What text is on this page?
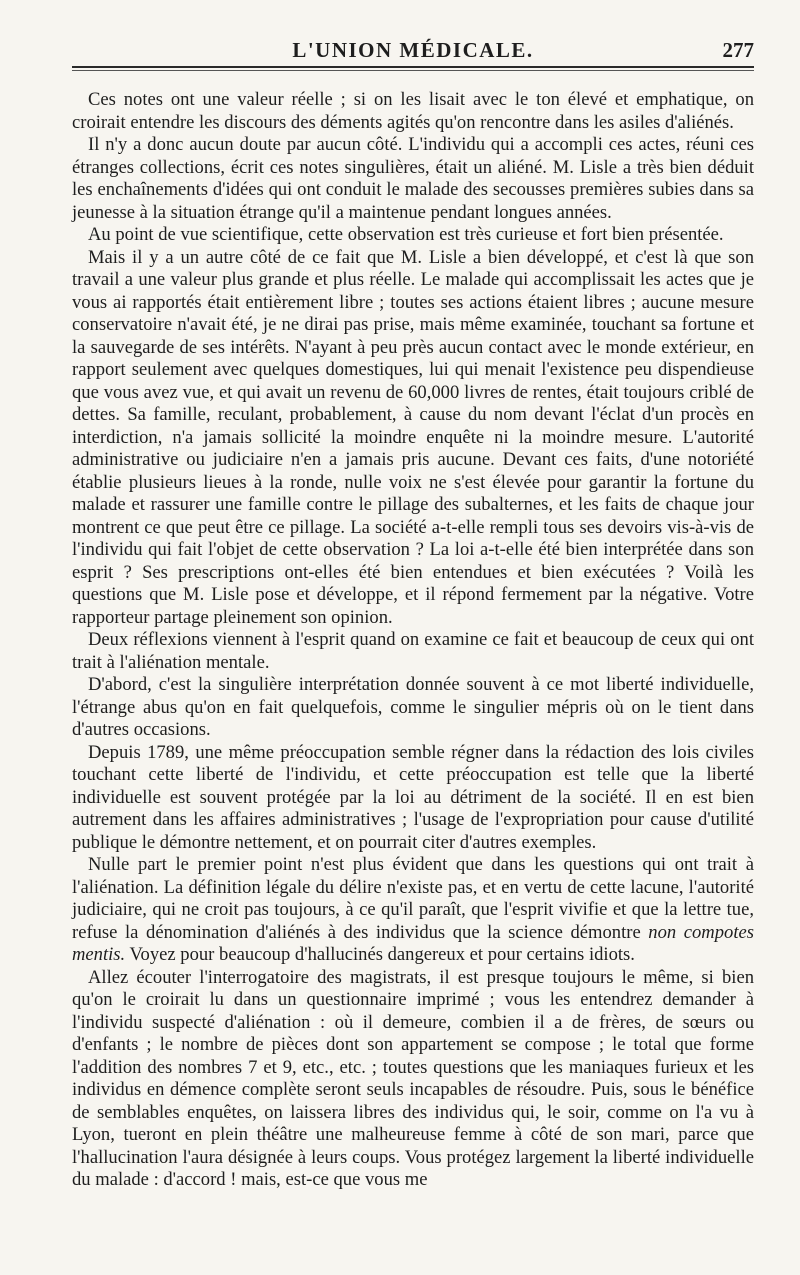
L'UNION MÉDICALE.	277

Ces notes ont une valeur réelle ; si on les lisait avec le ton élevé et emphatique, on croirait entendre les discours des déments agités qu'on rencontre dans les asiles d'aliénés.

Il n'y a donc aucun doute par aucun côté. L'individu qui a accompli ces actes, réuni ces étranges collections, écrit ces notes singulières, était un aliéné. M. Lisle a très bien déduit les enchaînements d'idées qui ont conduit le malade des secousses premières subies dans sa jeunesse à la situation étrange qu'il a maintenue pendant longues années.

Au point de vue scientifique, cette observation est très curieuse et fort bien présentée.

Mais il y a un autre côté de ce fait que M. Lisle a bien développé, et c'est là que son travail a une valeur plus grande et plus réelle. Le malade qui accomplissait les actes que je vous ai rapportés était entièrement libre ; toutes ses actions étaient libres ; aucune mesure conservatoire n'avait été, je ne dirai pas prise, mais même examinée, touchant sa fortune et la sauvegarde de ses intérêts. N'ayant à peu près aucun contact avec le monde extérieur, en rapport seulement avec quelques domestiques, lui qui menait l'existence peu dispendieuse que vous avez vue, et qui avait un revenu de 60,000 livres de rentes, était toujours criblé de dettes. Sa famille, reculant, probablement, à cause du nom devant l'éclat d'un procès en interdiction, n'a jamais sollicité la moindre enquête ni la moindre mesure. L'autorité administrative ou judiciaire n'en a jamais pris aucune. Devant ces faits, d'une notoriété établie plusieurs lieues à la ronde, nulle voix ne s'est élevée pour garantir la fortune du malade et rassurer une famille contre le pillage des subalternes, et les faits de chaque jour montrent ce que peut être ce pillage. La société a-t-elle rempli tous ses devoirs vis-à-vis de l'individu qui fait l'objet de cette observation ? La loi a-t-elle été bien interprétée dans son esprit ? Ses prescriptions ont-elles été bien entendues et bien exécutées ? Voilà les questions que M. Lisle pose et développe, et il répond fermement par la négative. Votre rapporteur partage pleinement son opinion.

Deux réflexions viennent à l'esprit quand on examine ce fait et beaucoup de ceux qui ont trait à l'aliénation mentale.

D'abord, c'est la singulière interprétation donnée souvent à ce mot liberté individuelle, l'étrange abus qu'on en fait quelquefois, comme le singulier mépris où on le tient dans d'autres occasions.

Depuis 1789, une même préoccupation semble régner dans la rédaction des lois civiles touchant cette liberté de l'individu, et cette préoccupation est telle que la liberté individuelle est souvent protégée par la loi au détriment de la société. Il en est bien autrement dans les affaires administratives ; l'usage de l'expropriation pour cause d'utilité publique le démontre nettement, et on pourrait citer d'autres exemples.

Nulle part le premier point n'est plus évident que dans les questions qui ont trait à l'aliénation. La définition légale du délire n'existe pas, et en vertu de cette lacune, l'autorité judiciaire, qui ne croit pas toujours, à ce qu'il paraît, que l'esprit vivifie et que la lettre tue, refuse la dénomination d'aliénés à des individus que la science démontre non compotes mentis. Voyez pour beaucoup d'hallucinés dangereux et pour certains idiots.

Allez écouter l'interrogatoire des magistrats, il est presque toujours le même, si bien qu'on le croirait lu dans un questionnaire imprimé ; vous les entendrez demander à l'individu suspecté d'aliénation : où il demeure, combien il a de frères, de sœurs ou d'enfants ; le nombre de pièces dont son appartement se compose ; le total que forme l'addition des nombres 7 et 9, etc., etc. ; toutes questions que les maniaques furieux et les individus en démence complète seront seuls incapables de résoudre. Puis, sous le bénéfice de semblables enquêtes, on laissera libres des individus qui, le soir, comme on l'a vu à Lyon, tueront en plein théâtre une malheureuse femme à côté de son mari, parce que l'hallucination l'aura désignée à leurs coups. Vous protégez largement la liberté individuelle du malade : d'accord ! mais, est-ce que vous me
